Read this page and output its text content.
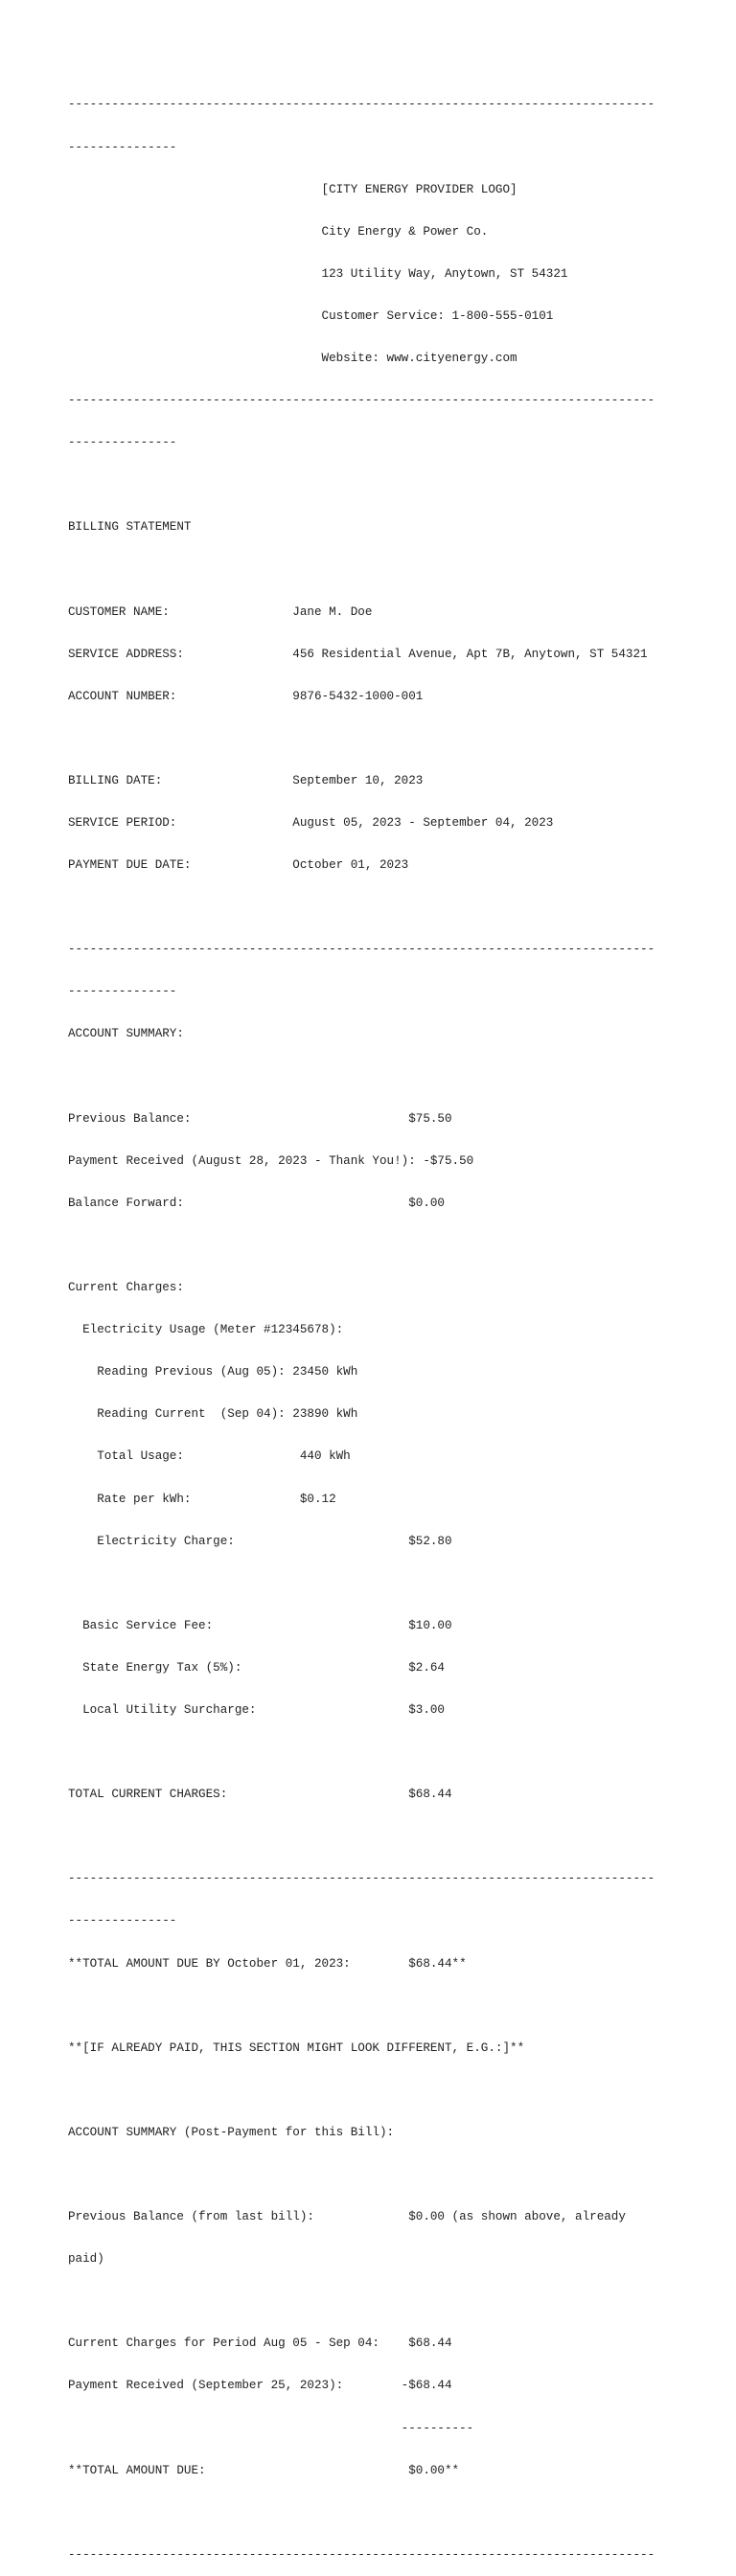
---------------------------------------------------------------------------------

---------------

[CITY ENERGY PROVIDER LOGO]

City Energy & Power Co.

123 Utility Way, Anytown, ST 54321

Customer Service: 1-800-555-0101

Website: www.cityenergy.com

---------------------------------------------------------------------------------

---------------

BILLING STATEMENT

CUSTOMER NAME:                 Jane M. Doe

SERVICE ADDRESS:               456 Residential Avenue, Apt 7B, Anytown, ST 54321

ACCOUNT NUMBER:                9876-5432-1000-001

BILLING DATE:                  September 10, 2023

SERVICE PERIOD:                August 05, 2023 - September 04, 2023

PAYMENT DUE DATE:              October 01, 2023

---------------------------------------------------------------------------------

---------------

ACCOUNT SUMMARY:

Previous Balance:                              $75.50

Payment Received (August 28, 2023 - Thank You!): -$75.50

Balance Forward:                               $0.00

Current Charges:

Electricity Usage (Meter #12345678):

Reading Previous (Aug 05): 23450 kWh

Reading Current  (Sep 04): 23890 kWh

Total Usage:                440 kWh

Rate per kWh:               $0.12

Electricity Charge:                        $52.80

Basic Service Fee:                           $10.00

State Energy Tax (5%):                       $2.64

Local Utility Surcharge:                     $3.00

TOTAL CURRENT CHARGES:                         $68.44

---------------------------------------------------------------------------------

---------------

**TOTAL AMOUNT DUE BY October 01, 2023:        $68.44**

**[IF ALREADY PAID, THIS SECTION MIGHT LOOK DIFFERENT, E.G.:]**

ACCOUNT SUMMARY (Post-Payment for this Bill):

Previous Balance (from last bill):             $0.00 (as shown above, already

paid)

Current Charges for Period Aug 05 - Sep 04:    $68.44

Payment Received (September 25, 2023):        -$68.44

----------

**TOTAL AMOUNT DUE:                            $0.00**

---------------------------------------------------------------------------------
